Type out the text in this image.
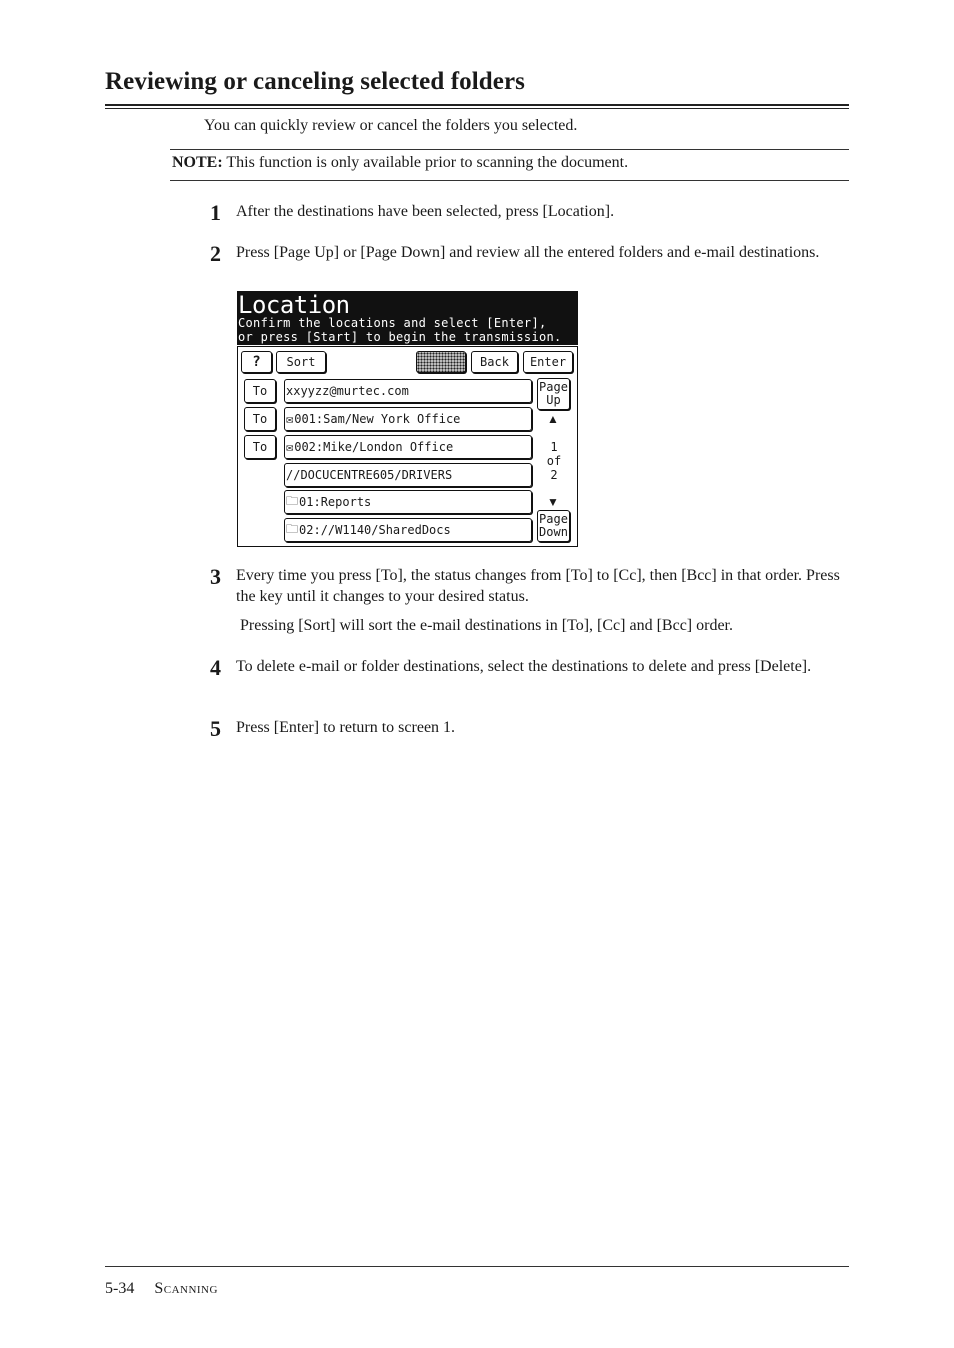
Reviewing or canceling selected folders
You can quickly review or cancel the folders you selected.
NOTE: This function is only available prior to scanning the document.
1 After the destinations have been selected, press [Location].
2 Press [Page Up] or [Page Down] and review all the entered folders and e-mail destinations.
Location
Confirm the locations and select [Enter],
or press [Start] to begin the transmission.
?	Sort	Back	Enter
To
To
To
xxyyzz@murtec.com
✉ 001:Sam/New York Office
✉ 002:Mike/London Office
//DOCUCENTRE605/DRIVERS
🗀 01:Reports
🗀 02://W1140/SharedDocs
Page
Up
▲
1
of
2
▼
Page
Down
3 Every time you press [To], the status changes from [To] to [Cc], then [Bcc] in that order. Press the key until it changes to your desired status.
Pressing [Sort] will sort the e-mail destinations in [To], [Cc] and [Bcc] order.
4 To delete e-mail or folder destinations, select the destinations to delete and press [Delete].
5 Press [Enter] to return to screen 1.
5-34 Scanning
